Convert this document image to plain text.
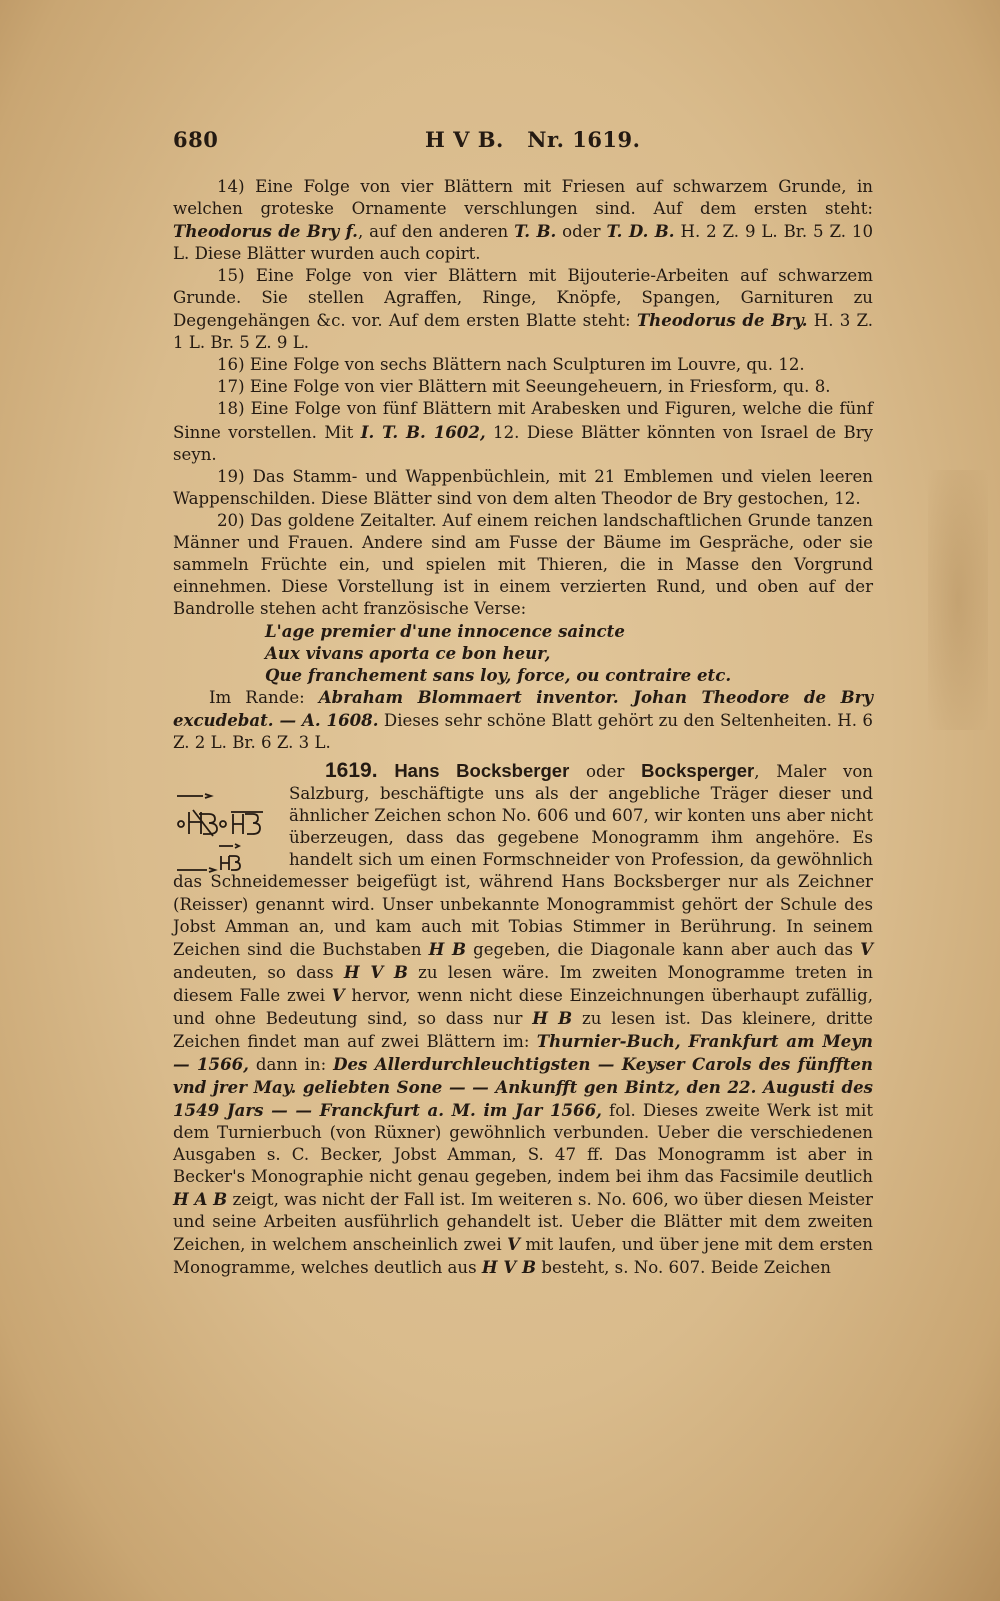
680	H V B.   Nr. 1619.

14) Eine Folge von vier Blättern mit Friesen auf schwarzem Grunde, in welchen groteske Ornamente verschlungen sind. Auf dem ersten steht: Theodorus de Bry f., auf den anderen T. B. oder T. D. B. H. 2 Z. 9 L. Br. 5 Z. 10 L. Diese Blätter wurden auch copirt.

15) Eine Folge von vier Blättern mit Bijouterie-Arbeiten auf schwarzem Grunde. Sie stellen Agraffen, Ringe, Knöpfe, Spangen, Garnituren zu Degengehängen &c. vor. Auf dem ersten Blatte steht: Theodorus de Bry. H. 3 Z. 1 L. Br. 5 Z. 9 L.

16) Eine Folge von sechs Blättern nach Sculpturen im Louvre, qu. 12.

17) Eine Folge von vier Blättern mit Seeungeheuern, in Friesform, qu. 8.

18) Eine Folge von fünf Blättern mit Arabesken und Figuren, welche die fünf Sinne vorstellen. Mit I. T. B. 1602, 12. Diese Blätter könnten von Israel de Bry seyn.

19) Das Stamm- und Wappenbüchlein, mit 21 Emblemen und vielen leeren Wappenschilden. Diese Blätter sind von dem alten Theodor de Bry gestochen, 12.

20) Das goldene Zeitalter. Auf einem reichen landschaftlichen Grunde tanzen Männer und Frauen. Andere sind am Fusse der Bäume im Gespräche, oder sie sammeln Früchte ein, und spielen mit Thieren, die in Masse den Vorgrund einnehmen. Diese Vorstellung ist in einem verzierten Rund, und oben auf der Bandrolle stehen acht französische Verse:

L'age premier d'une innocence saincte

Aux vivans aporta ce bon heur,

Que franchement sans loy, force, ou contraire etc.

Im Rande: Abraham Blommaert inventor. Johan Theodore de Bry excudebat. — A. 1608. Dieses sehr schöne Blatt gehört zu den Seltenheiten. H. 6 Z. 2 L. Br. 6 Z. 3 L.

1619. Hans Bocksberger oder Bocksperger, Maler von Salzburg, beschäftigte uns als der angebliche Träger dieser und ähnlicher Zeichen schon No. 606 und 607, wir konten uns aber nicht überzeugen, dass das gegebene Monogramm ihm angehöre. Es handelt sich um einen Formschneider von Profession, da gewöhnlich das Schneidemesser beigefügt ist, während Hans Bocksberger nur als Zeichner (Reisser) genannt wird. Unser unbekannte Monogrammist gehört der Schule des Jobst Amman an, und kam auch mit Tobias Stimmer in Berührung. In seinem Zeichen sind die Buchstaben H B gegeben, die Diagonale kann aber auch das V andeuten, so dass H V B zu lesen wäre. Im zweiten Monogramme treten in diesem Falle zwei V hervor, wenn nicht diese Einzeichnungen überhaupt zufällig, und ohne Bedeutung sind, so dass nur H B zu lesen ist. Das kleinere, dritte Zeichen findet man auf zwei Blättern im: Thurnier-Buch, Frankfurt am Meyn — 1566, dann in: Des Allerdurchleuchtigsten — Keyser Carols des fünfften vnd jrer May. geliebten Sone — — Ankunfft gen Bintz, den 22. Augusti des 1549 Jars — — Franckfurt a. M. im Jar 1566, fol. Dieses zweite Werk ist mit dem Turnierbuch (von Rüxner) gewöhnlich verbunden. Ueber die verschiedenen Ausgaben s. C. Becker, Jobst Amman, S. 47 ff. Das Monogramm ist aber in Becker's Monographie nicht genau gegeben, indem bei ihm das Facsimile deutlich H A B zeigt, was nicht der Fall ist. Im weiteren s. No. 606, wo über diesen Meister und seine Arbeiten ausführlich gehandelt ist. Ueber die Blätter mit dem zweiten Zeichen, in welchem anscheinlich zwei V mit laufen, und über jene mit dem ersten Monogramme, welches deutlich aus H V B besteht, s. No. 607. Beide Zeichen
